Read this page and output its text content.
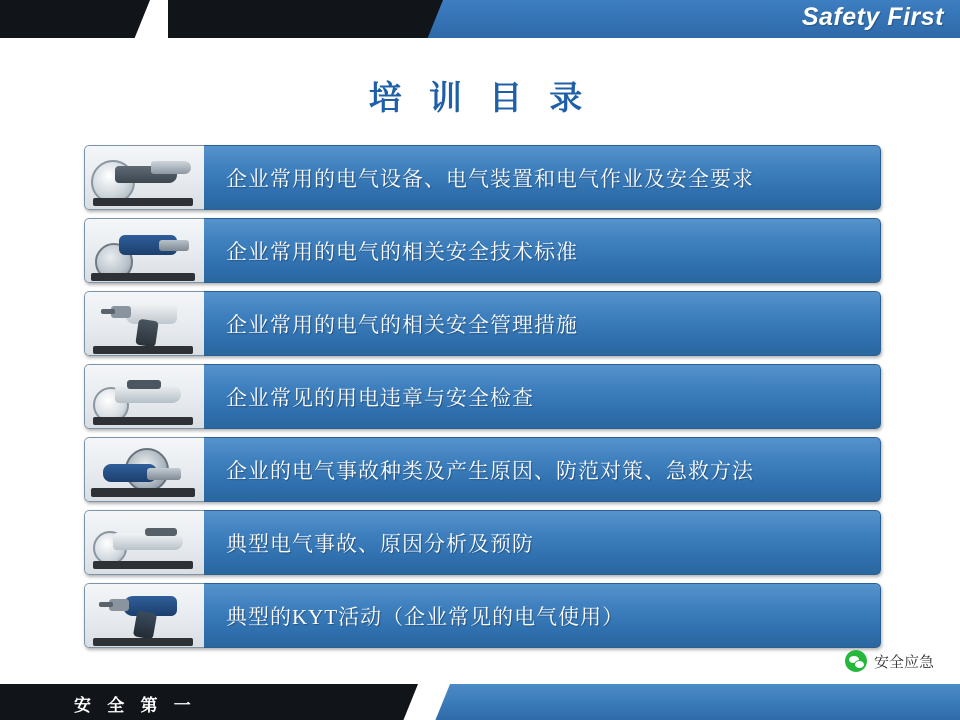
Safety First
培 训 目 录
企业常用的电气设备、电气装置和电气作业及安全要求
企业常用的电气的相关安全技术标准
企业常用的电气的相关安全管理措施
企业常见的用电违章与安全检查
企业的电气事故种类及产生原因、防范对策、急救方法
典型电气事故、原因分析及预防
典型的KYT活动（企业常见的电气使用）
安全应急
安 全 第 一
